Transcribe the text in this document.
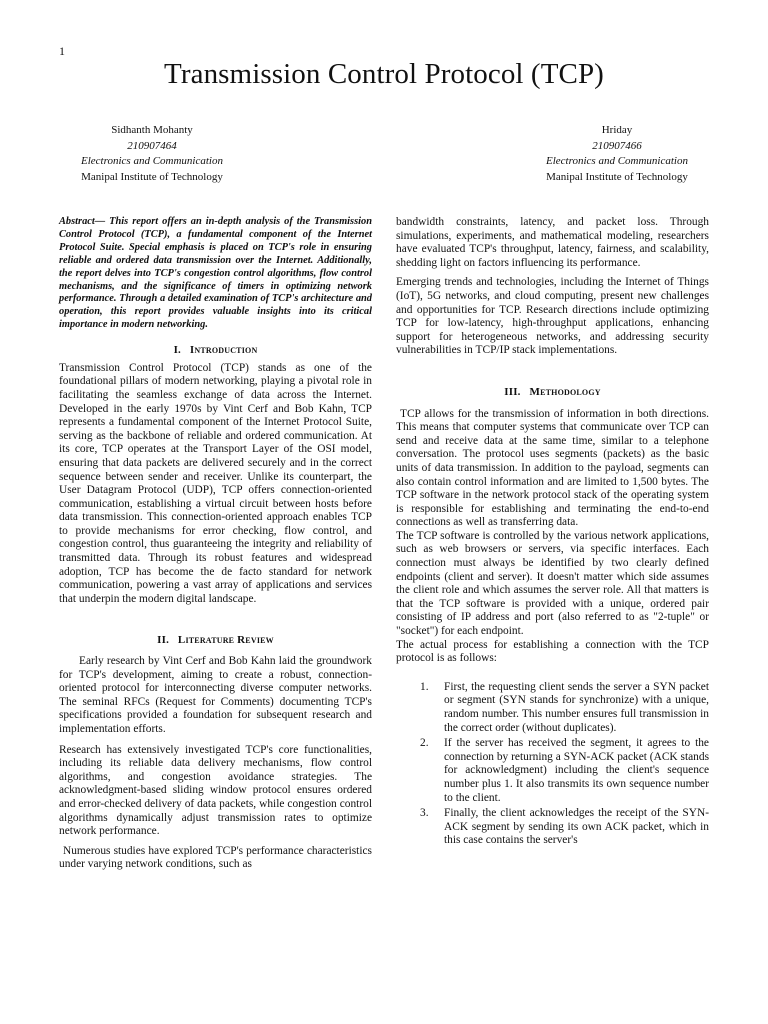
1
Transmission Control Protocol (TCP)
Sidhanth Mohanty
210907464
Electronics and Communication
Manipal Institute of Technology
Hriday
210907466
Electronics and Communication
Manipal Institute of Technology

Abstract— This report offers an in-depth analysis of the Transmission Control Protocol (TCP), a fundamental component of the Internet Protocol Suite. Special emphasis is placed on TCP's role in ensuring reliable and ordered data transmission over the Internet. Additionally, the report delves into TCP's congestion control algorithms, flow control mechanisms, and the significance of timers in optimizing network performance. Through a detailed examination of TCP's architecture and operation, this report provides valuable insights into its critical importance in modern networking.

I. Introduction

Transmission Control Protocol (TCP) stands as one of the foundational pillars of modern networking, playing a pivotal role in facilitating the seamless exchange of data across the Internet. Developed in the early 1970s by Vint Cerf and Bob Kahn, TCP represents a fundamental component of the Internet Protocol Suite, serving as the backbone of reliable and ordered communication. At its core, TCP operates at the Transport Layer of the OSI model, ensuring that data packets are delivered securely and in the correct sequence between sender and receiver. Unlike its counterpart, the User Datagram Protocol (UDP), TCP offers connection-oriented communication, establishing a virtual circuit between hosts before data transmission. This connection-oriented approach enables TCP to provide mechanisms for error checking, flow control, and congestion control, thus guaranteeing the integrity and reliability of transmitted data. Through its robust features and widespread adoption, TCP has become the de facto standard for network communication, powering a vast array of applications and services that underpin the modern digital landscape.

II. Literature Review

Early research by Vint Cerf and Bob Kahn laid the groundwork for TCP's development, aiming to create a robust, connection-oriented protocol for interconnecting diverse computer networks. The seminal RFCs (Request for Comments) documenting TCP's specifications provided a foundation for subsequent research and implementation efforts.

Research has extensively investigated TCP's core functionalities, including its reliable data delivery mechanisms, flow control algorithms, and congestion avoidance strategies. The acknowledgment-based sliding window protocol ensures ordered and error-checked delivery of data packets, while congestion control algorithms dynamically adjust transmission rates to optimize network performance.

Numerous studies have explored TCP's performance characteristics under varying network conditions, such as

bandwidth constraints, latency, and packet loss. Through simulations, experiments, and mathematical modeling, researchers have evaluated TCP's throughput, latency, fairness, and scalability, shedding light on factors influencing its performance.

Emerging trends and technologies, including the Internet of Things (IoT), 5G networks, and cloud computing, present new challenges and opportunities for TCP. Research directions include optimizing TCP for low-latency, high-throughput applications, enhancing support for heterogeneous networks, and addressing security vulnerabilities in TCP/IP stack implementations.

III. Methodology

TCP allows for the transmission of information in both directions. This means that computer systems that communicate over TCP can send and receive data at the same time, similar to a telephone conversation. The protocol uses segments (packets) as the basic units of data transmission. In addition to the payload, segments can also contain control information and are limited to 1,500 bytes. The TCP software in the network protocol stack of the operating system is responsible for establishing and terminating the end-to-end connections as well as transferring data.

The TCP software is controlled by the various network applications, such as web browsers or servers, via specific interfaces. Each connection must always be identified by two clearly defined endpoints (client and server). It doesn't matter which side assumes the client role and which assumes the server role. All that matters is that the TCP software is provided with a unique, ordered pair consisting of IP address and port (also referred to as "2-tuple" or "socket") for each endpoint.

The actual process for establishing a connection with the TCP protocol is as follows:

1. First, the requesting client sends the server a SYN packet or segment (SYN stands for synchronize) with a unique, random number. This number ensures full transmission in the correct order (without duplicates).
2. If the server has received the segment, it agrees to the connection by returning a SYN-ACK packet (ACK stands for acknowledgment) including the client's sequence number plus 1. It also transmits its own sequence number to the client.
3. Finally, the client acknowledges the receipt of the SYN-ACK segment by sending its own ACK packet, which in this case contains the server's
